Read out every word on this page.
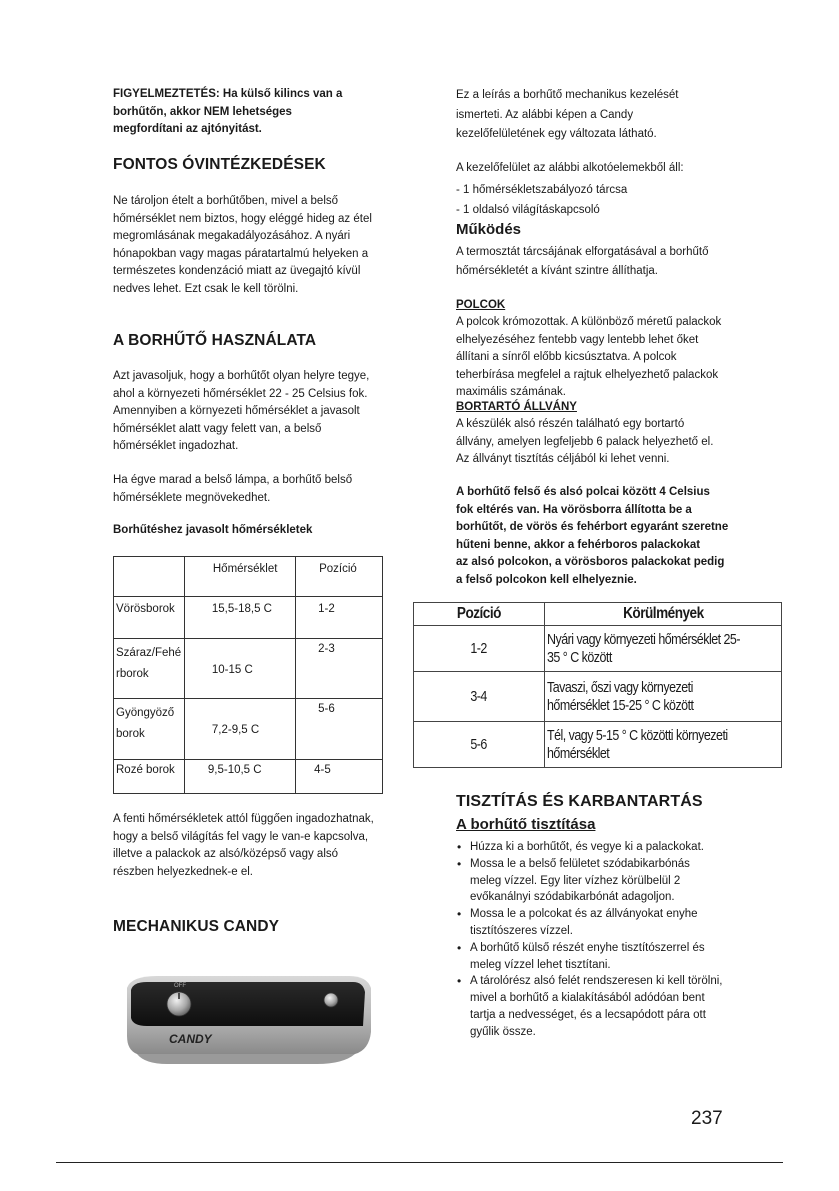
FIGYELMEZTETÉS: Ha külső kilincs van a borhűtőn, akkor NEM lehetséges megfordítani az ajtónyitást.

FONTOS ÓVINTÉZKEDÉSEK

Ne tároljon ételt a borhűtőben, mivel a belső hőmérséklet nem biztos, hogy eléggé hideg az étel megromlásának megakadályozásához. A nyári hónapokban vagy magas páratartalmú helyeken a természetes kondenzáció miatt az üvegajtó kívül nedves lehet. Ezt csak le kell törölni.

A BORHŰTŐ HASZNÁLATA

Azt javasoljuk, hogy a borhűtőt olyan helyre tegye, ahol a környezeti hőmérséklet 22 - 25 Celsius fok. Amennyiben a környezeti hőmérséklet a javasolt hőmérséklet alatt vagy felett van, a belső hőmérséklet ingadozhat.

Ha égve marad a belső lámpa, a borhűtő belső hőmérséklete megnövekedhet.

Borhűtéshez javasolt hőmérsékletek

	Hőmérséklet	Pozíció

Vörösborok	15,5-18,5 C	1-2

Száraz/Fehé
rborok	10-15 C	2-3

Gyöngyöző
borok	7,2-9,5 C	5-6

Rozé borok	9,5-10,5 C	4-5

A fenti hőmérsékletek attól függően ingadozhatnak, hogy a belső világítás fel vagy le van-e kapcsolva, illetve a palackok az alsó/középső vagy alsó részben helyezkednek-e el.

MECHANIKUS CANDY
OFF
CANDY

Ez a leírás a borhűtő mechanikus kezelését ismerteti. Az alábbi képen a Candy kezelőfelületének egy változata látható.

A kezelőfelület az alábbi alkotóelemekből áll:

- 1 hőmérsékletszabályozó tárcsa

- 1 oldalsó világításkapcsoló

Működés

A termosztát tárcsájának elforgatásával a borhűtő hőmérsékletét a kívánt szintre állíthatja.

POLCOK

A polcok krómozottak. A különböző méretű palackok elhelyezéséhez fentebb vagy lentebb lehet őket állítani a sínről előbb kicsúsztatva. A polcok teherbírása megfelel a rajtuk elhelyezhető palackok maximális számának.

BORTARTÓ ÁLLVÁNY

A készülék alsó részén található egy bortartó állvány, amelyen legfeljebb 6 palack helyezhető el. Az állványt tisztítás céljából ki lehet venni.

A borhűtő felső és alsó polcai között 4 Celsius
fok eltérés van. Ha vörösborra állította be a
borhűtőt, de vörös és fehérbort egyaránt szeretne
hűteni benne, akkor a fehérboros palackokat
az alsó polcokon, a vörösboros palackokat pedig
a felső polcokon kell elhelyeznie.
Pozíció	Körülmények
1-2	Nyári vagy környezeti hőmérséklet 25-
35 ° C között

3-4	Tavaszi, őszi vagy környezeti
hőmérséklet 15-25 ° C között

5-6	Tél, vagy 5-15 ° C közötti környezeti
hőmérséklet
TISZTÍTÁS ÉS KARBANTARTÁS
A borhűtő tisztítása
• Húzza ki a borhűtőt, és vegye ki a palackokat.
• Mossa le a belső felületet szódabikarbónás meleg vízzel. Egy liter vízhez körülbelül 2 evőkanálnyi szódabikarbónát adagoljon.
• Mossa le a polcokat és az állványokat enyhe tisztítószeres vízzel.
• A borhűtő külső részét enyhe tisztítószerrel és meleg vízzel lehet tisztítani.
• A tárolórész alsó felét rendszeresen ki kell törölni, mivel a borhűtő a kialakításából adódóan bent tartja a nedvességet, és a lecsapódott pára ott gyűlik össze.
237
